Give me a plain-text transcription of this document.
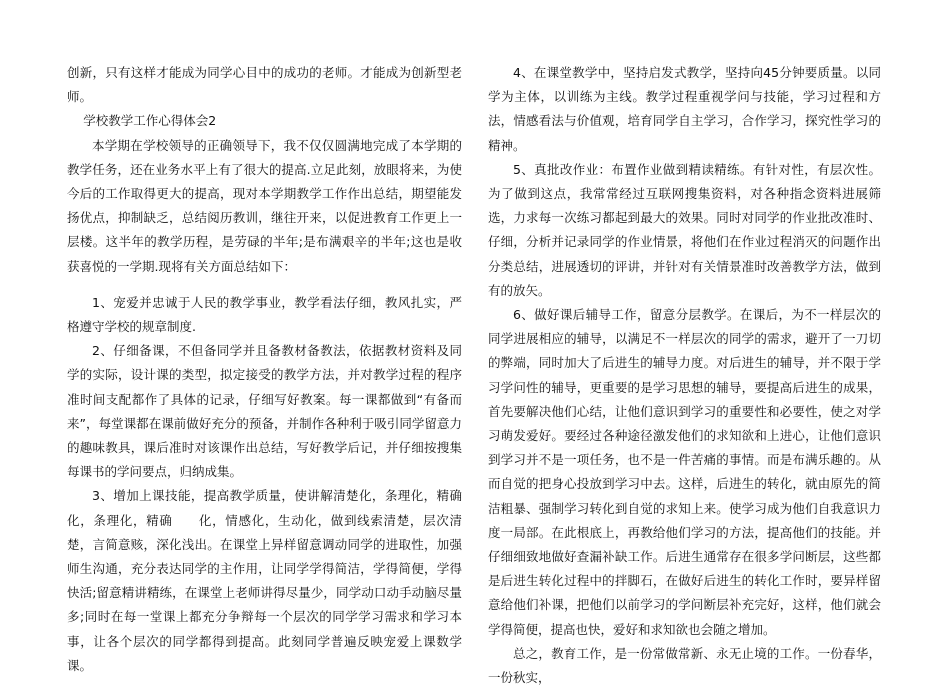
创新，只有这样才能成为同学心目中的成功的老师。才能成为创新型老师。

学校教学工作心得体会2

本学期在学校领导的正确领导下，我不仅仅圆满地完成了本学期的教学任务，还在业务水平上有了很大的提高.立足此刻，放眼将来，为使今后的工作取得更大的提高，现对本学期教学工作作出总结，期望能发扬优点，抑制缺乏，总结阅历教训，继往开来，以促进教育工作更上一层楼。这半年的教学历程，是劳碌的半年;是布满艰辛的半年;这也是收获喜悦的一学期.现将有关方面总结如下：

1、宠爱并忠诚于人民的教学事业，教学看法仔细，教风扎实，严格遵守学校的规章制度.

2、仔细备课，不但备同学并且备教材备教法，依据教材资料及同学的实际，设计课的类型，拟定接受的教学方法，并对教学过程的程序准时间支配都作了具体的记录，仔细写好教案。每一课都做到“有备而来”，每堂课都在课前做好充分的预备，并制作各种利于吸引同学留意力的趣味教具，课后准时对该课作出总结，写好教学后记，并仔细按搜集每课书的学问要点，归纳成集。

3、增加上课技能，提高教学质量，使讲解清楚化，条理化，精确　　化，条理化，精确　　化，情感化，生动化，做到线索清楚，层次清楚，言简意赅，深化浅出。在课堂上异样留意调动同学的进取性，加强师生沟通，充分表达同学的主作用，让同学学得简洁，学得简便，学得快活;留意精讲精练，在课堂上老师讲得尽量少，同学动口动手动脑尽量多;同时在每一堂课上都充分争辩每一个层次的同学学习需求和学习本事，让各个层次的同学都得到提高。此刻同学普遍反映宠爱上课数学课。

4、在课堂教学中，坚持启发式教学，坚持向45分钟要质量。以同学为主体，以训练为主线。教学过程重视学问与技能，学习过程和方法，情感看法与价值观，培育同学自主学习，合作学习，探究性学习的精神。

5、真批改作业：布置作业做到精读精练。有针对性，有层次性。为了做到这点，我常常经过互联网搜集资料，对各种指念资料进展筛选，力求每一次练习都起到最大的效果。同时对同学的作业批改准时、仔细，分析并记录同学的作业情景，将他们在作业过程消灭的问题作出分类总结，进展透切的评讲，并针对有关情景准时改善教学方法，做到有的放矢。

6、做好课后辅导工作，留意分层教学。在课后，为不一样层次的同学进展相应的辅导，以满足不一样层次的同学的需求，避开了一刀切的弊端，同时加大了后进生的辅导力度。对后进生的辅导，并不限于学习学问性的辅导，更重要的是学习思想的辅导，要提高后进生的成果，首先要解决他们心结，让他们意识到学习的重要性和必要性，使之对学习萌发爱好。要经过各种途径激发他们的求知欲和上进心，让他们意识到学习并不是一项任务，也不是一件苦痛的事情。而是布满乐趣的。从而自觉的把身心投放到学习中去。这样，后进生的转化，就由原先的简洁粗暴、强制学习转化到自觉的求知上来。使学习成为他们自我意识力度一局部。在此根底上，再教给他们学习的方法，提高他们的技能。并仔细细致地做好查漏补缺工作。后进生通常存在很多学问断层，这些都是后进生转化过程中的拌脚石，在做好后进生的转化工作时，要异样留意给他们补课，把他们以前学习的学问断层补充完好，这样，他们就会学得简便，提高也快，爱好和求知欲也会随之增加。

总之，教育工作，是一份常做常新、永无止境的工作。一份春华，一份秋实，
